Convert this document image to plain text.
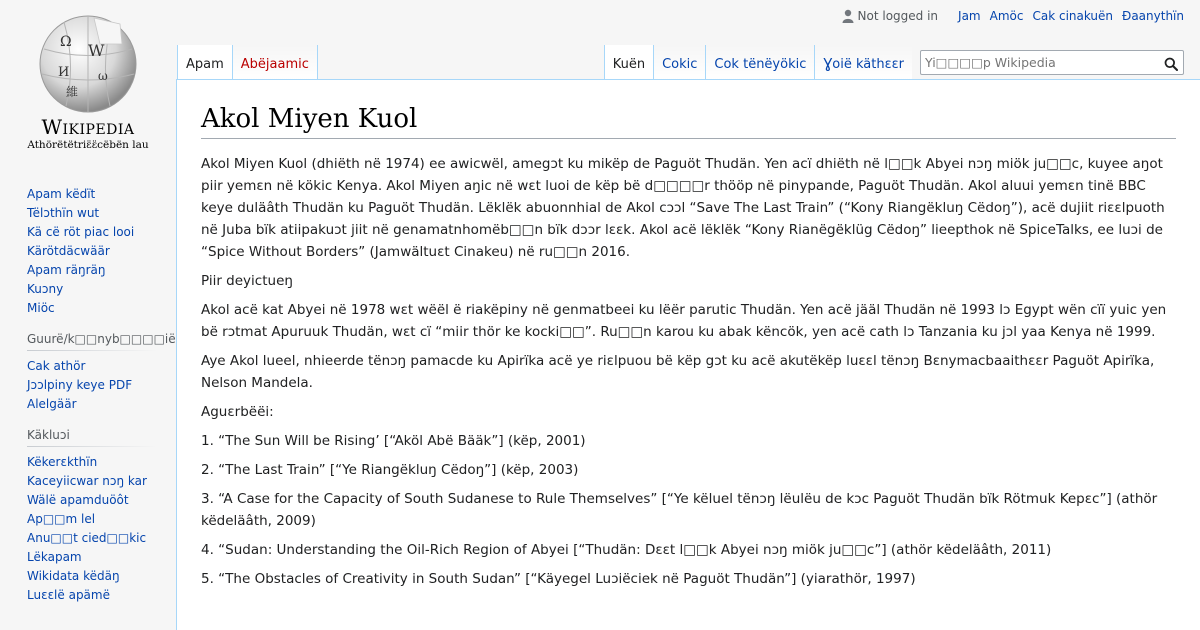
Not logged in Jam Amöc Cak cinakuën Ɖaanythïn
Ω W
И ω
維
Wikipedia
Athörëtëtriɛ̈ɛ̈cëbën lau
Apam këdït
Tëlɔthïn wut
Kä cë röt piac looi
Kärötdäcwäär
Apam räŋräŋ
Kuɔny
Miöc
Guurë/k□□nyb□□□□ië
Cak athör
Jɔɔlpiny keye PDF
Alelgäär
Käkluɔi
Këkerɛkthïn
Kaceyiicwar nɔŋ kar
Wälë apamduöôt
Ap□□m lel
Anu□□t cied□□kic
Lëkapam
Wikidata këdäŋ
Luɛɛlë apämë
Apam	Abëjaamic	Kuën	Cokic	Cok tënëyökic	Ɣoië käthɛɛr
Yi□□□□p Wikipedia
Akol Miyen Kuol

Akol Miyen Kuol (dhiëth në 1974) ee awicwël, amegɔt ku mikëp de Paguöt Thudän. Yen acï dhiëth në l□□k Abyei nɔŋ miök ju□□c, kuyee aŋot piir yemɛn në kökic Kenya. Akol Miyen aŋic në wɛt luoi de këp bë d□□□□r thööp në pinypande, Paguöt Thudän. Akol aluui yemɛn tinë BBC keye duläâth Thudän ku Paguöt Thudän. Lëklëk abuonnhial de Akol cɔɔl “Save The Last Train” (“Kony Riangëkluŋ Cëdoŋ”), acë dujiit riɛɛlpuoth në Juba bïk atiipakuɔt jiit në genamatnhomëb□□n bïk dɔɔr lɛɛk. Akol acë lëklëk “Kony Rianëgëklüg Cëdoŋ” lieepthok në SpiceTalks, ee luɔi de “Spice Without Borders” (Jamwältuɛt Cinakeu) në ru□□n 2016.

Piir deyictueŋ

Akol acë kat Abyei në 1978 wɛt wëël ë riakëpiny në genmatbeei ku lëër parutic Thudän. Yen acë jääl Thudän në 1993 lɔ Egypt wën cïï yuic yen bë rɔtmat Apuruuk Thudän, wɛt cï “miir thör ke kocki□□”. Ru□□n karou ku abak këncök, yen acë cath lɔ Tanzania ku jɔl yaa Kenya në 1999.

Aye Akol lueel, nhieerde tënɔŋ pamacde ku Apirïka acë ye riɛlpuou bë këp gɔt ku acë akutëkëp luɛɛl tënɔŋ Bɛnymacbaaithɛɛr Paguöt Apirïka, Nelson Mandela.

Aguɛrbëëi:

1. “The Sun Will be Rising’ [“Aköl Abë Bääk”] (këp, 2001)

2. “The Last Train” [“Ye Riangëkluŋ Cëdoŋ”] (këp, 2003)

3. “A Case for the Capacity of South Sudanese to Rule Themselves” [“Ye këluel tënɔŋ lëulëu de kɔc Paguöt Thudän bïk Rötmuk Kepɛc”] (athör këdeläâth, 2009)

4. “Sudan: Understanding the Oil-Rich Region of Abyei [“Thudän: Dɛɛt l□□k Abyei nɔŋ miök ju□□c”] (athör këdeläâth, 2011)

5. “The Obstacles of Creativity in South Sudan” [“Käyegel Luɔiëciek në Paguöt Thudän”] (yiarathör, 1997)
